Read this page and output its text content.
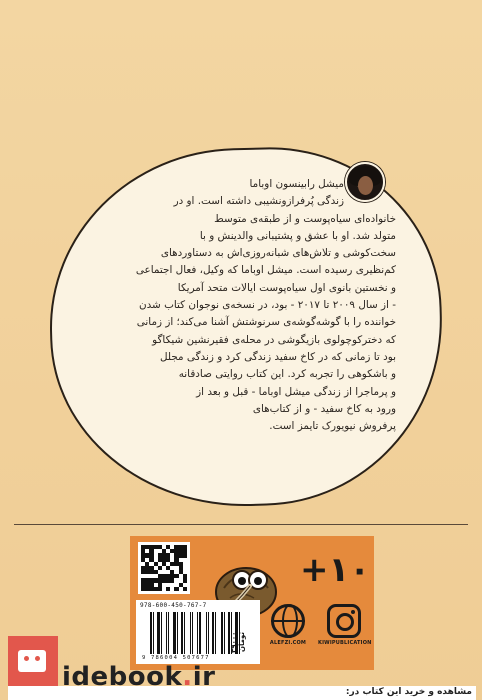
میشل رابینسون اوباما

زندگی پُرفرازونشیبی داشته است. او در

خانواده‌ای سیاه‌پوست و از طبقه‌ی متوسط

متولد شد. او با عشق و پشتیبانی والدینش و با

سخت‌کوشی و تلاش‌های شبانه‌روزی‌اش به دستاوردهای

کم‌نظیری رسیده است. میشل اوباما که وکیل، فعال اجتماعی

و نخستین بانوی اول سیاه‌پوست ایالات متحد آمریکا

- از سال ۲۰۰۹ تا ۲۰۱۷ - بود، در نسخه‌ی نوجوان کتاب شدن

خواننده را با گوشه‌گوشه‌ی سرنوشتش آشنا می‌کند؛ از زمانی

که دخترکوچولوی بازیگوشی در محله‌ی فقیرنشین شیکاگو

بود تا زمانی که در کاخ سفید زندگی کرد و زندگی مجلل

و باشکوهی را تجربه کرد. این کتاب روایتی صادقانه

و پرماجرا از زندگی میشل اوباما - قبل و بعد از

ورود به کاخ سفید - و از کتاب‌های

پرفروش نیویورک تایمز است.

+۱۰
978-600-450-767-7
9 786004 507677
۳۹۰۰۰ تومان	ALEFZI.COM	KIWIPUBLICATION
idebook.ir	مشاهده و خرید این کتاب در:
